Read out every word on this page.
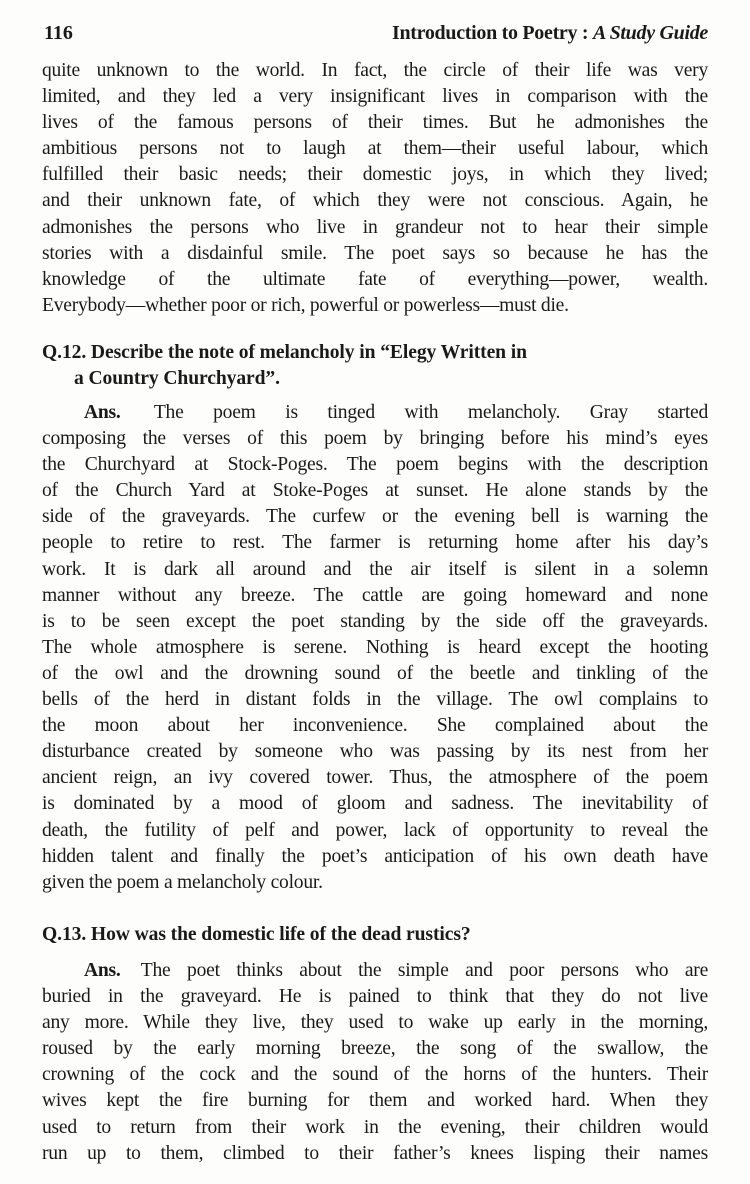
116	Introduction to Poetry : A Study Guide
quite unknown to the world. In fact, the circle of their life was very
limited, and they led a very insignificant lives in comparison with the
lives of the famous persons of their times. But he admonishes the
ambitious persons not to laugh at them—their useful labour, which
fulfilled their basic needs; their domestic joys, in which they lived;
and their unknown fate, of which they were not conscious. Again, he
admonishes the persons who live in grandeur not to hear their simple
stories with a disdainful smile. The poet says so because he has the
knowledge of the ultimate fate of everything—power, wealth.
Everybody—whether poor or rich, powerful or powerless—must die.
Q.12. Describe the note of melancholy in “Elegy Written in
a Country Churchyard”.
Ans. The poem is tinged with melancholy. Gray started
composing the verses of this poem by bringing before his mind’s eyes
the Churchyard at Stock-Poges. The poem begins with the description
of the Church Yard at Stoke-Poges at sunset. He alone stands by the
side of the graveyards. The curfew or the evening bell is warning the
people to retire to rest. The farmer is returning home after his day’s
work. It is dark all around and the air itself is silent in a solemn
manner without any breeze. The cattle are going homeward and none
is to be seen except the poet standing by the side off the graveyards.
The whole atmosphere is serene. Nothing is heard except the hooting
of the owl and the drowning sound of the beetle and tinkling of the
bells of the herd in distant folds in the village. The owl complains to
the moon about her inconvenience. She complained about the
disturbance created by someone who was passing by its nest from her
ancient reign, an ivy covered tower. Thus, the atmosphere of the poem
is dominated by a mood of gloom and sadness. The inevitability of
death, the futility of pelf and power, lack of opportunity to reveal the
hidden talent and finally the poet’s anticipation of his own death have
given the poem a melancholy colour.
Q.13. How was the domestic life of the dead rustics?
Ans. The poet thinks about the simple and poor persons who are
buried in the graveyard. He is pained to think that they do not live
any more. While they live, they used to wake up early in the morning,
roused by the early morning breeze, the song of the swallow, the
crowning of the cock and the sound of the horns of the hunters. Their
wives kept the fire burning for them and worked hard. When they
used to return from their work in the evening, their children would
run up to them, climbed to their father’s knees lisping their names
